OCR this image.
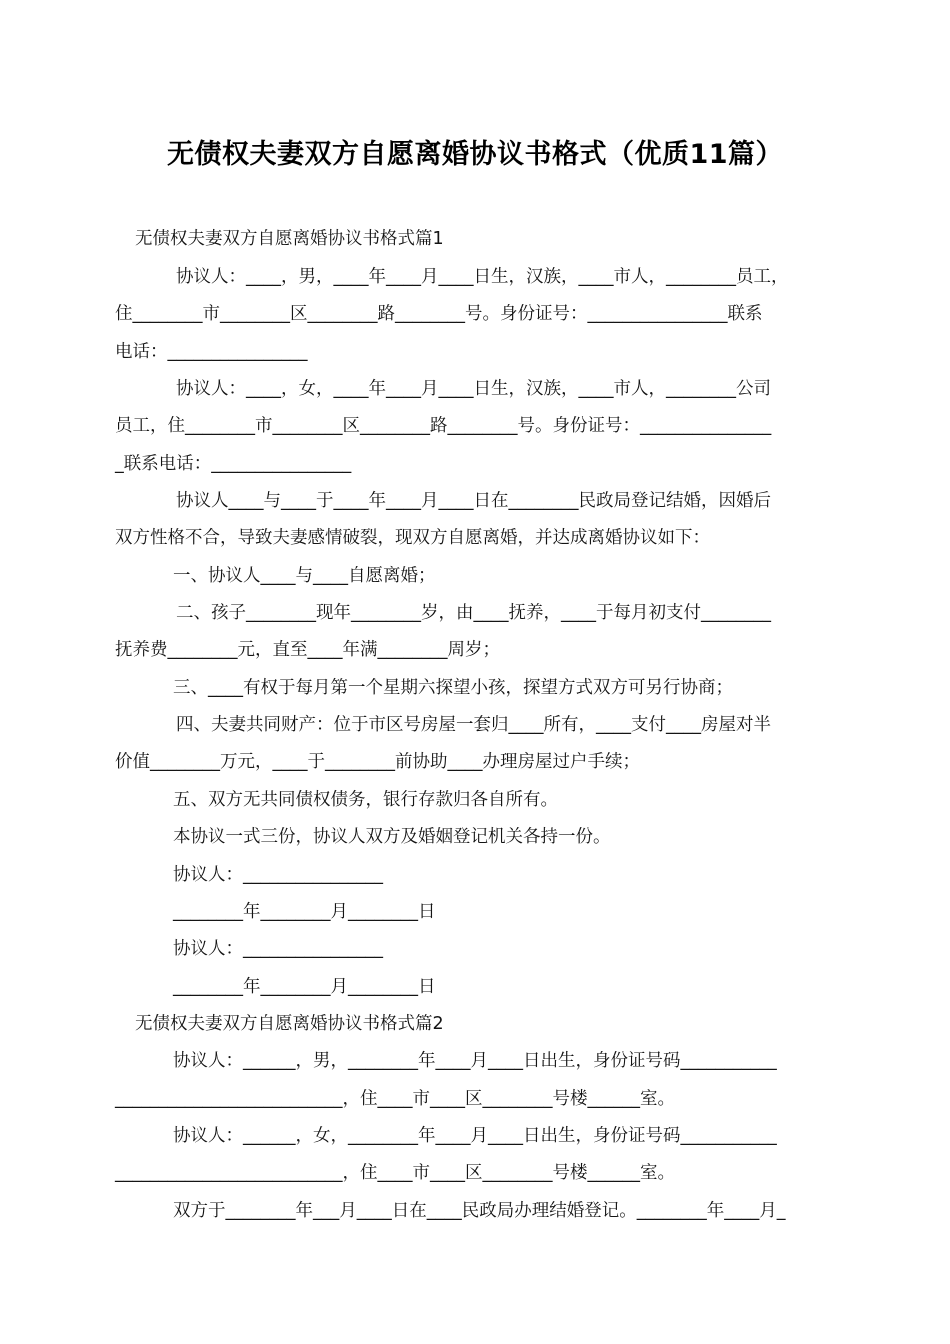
无债权夫妻双方自愿离婚协议书格式（优质11篇）
无债权夫妻双方自愿离婚协议书格式篇1
协议人：____，男，____年____月____日生，汉族，____市人，________员工，
住________市________区________路________号。身份证号：________________联系
电话：________________
协议人：____，女，____年____月____日生，汉族，____市人，________公司
员工，住________市________区________路________号。身份证号：_______________
_联系电话：________________
协议人____与____于____年____月____日在________民政局登记结婚，因婚后
双方性格不合，导致夫妻感情破裂，现双方自愿离婚，并达成离婚协议如下：
一、协议人____与____自愿离婚；
二、孩子________现年________岁，由____抚养，____于每月初支付________
抚养费________元，直至____年满________周岁；
三、____有权于每月第一个星期六探望小孩，探望方式双方可另行协商；
四、夫妻共同财产：位于市区号房屋一套归____所有，____支付____房屋对半
价值________万元，____于________前协助____办理房屋过户手续；
五、双方无共同债权债务，银行存款归各自所有。
本协议一式三份，协议人双方及婚姻登记机关各持一份。
协议人：________________
________年________月________日
协议人：________________
________年________月________日
无债权夫妻双方自愿离婚协议书格式篇2
协议人：______，男，________年____月____日出生，身份证号码___________
__________________________，住____市____区________号楼______室。
协议人：______，女，________年____月____日出生，身份证号码___________
__________________________，住____市____区________号楼______室。
双方于________年___月____日在____民政局办理结婚登记。________年____月_
